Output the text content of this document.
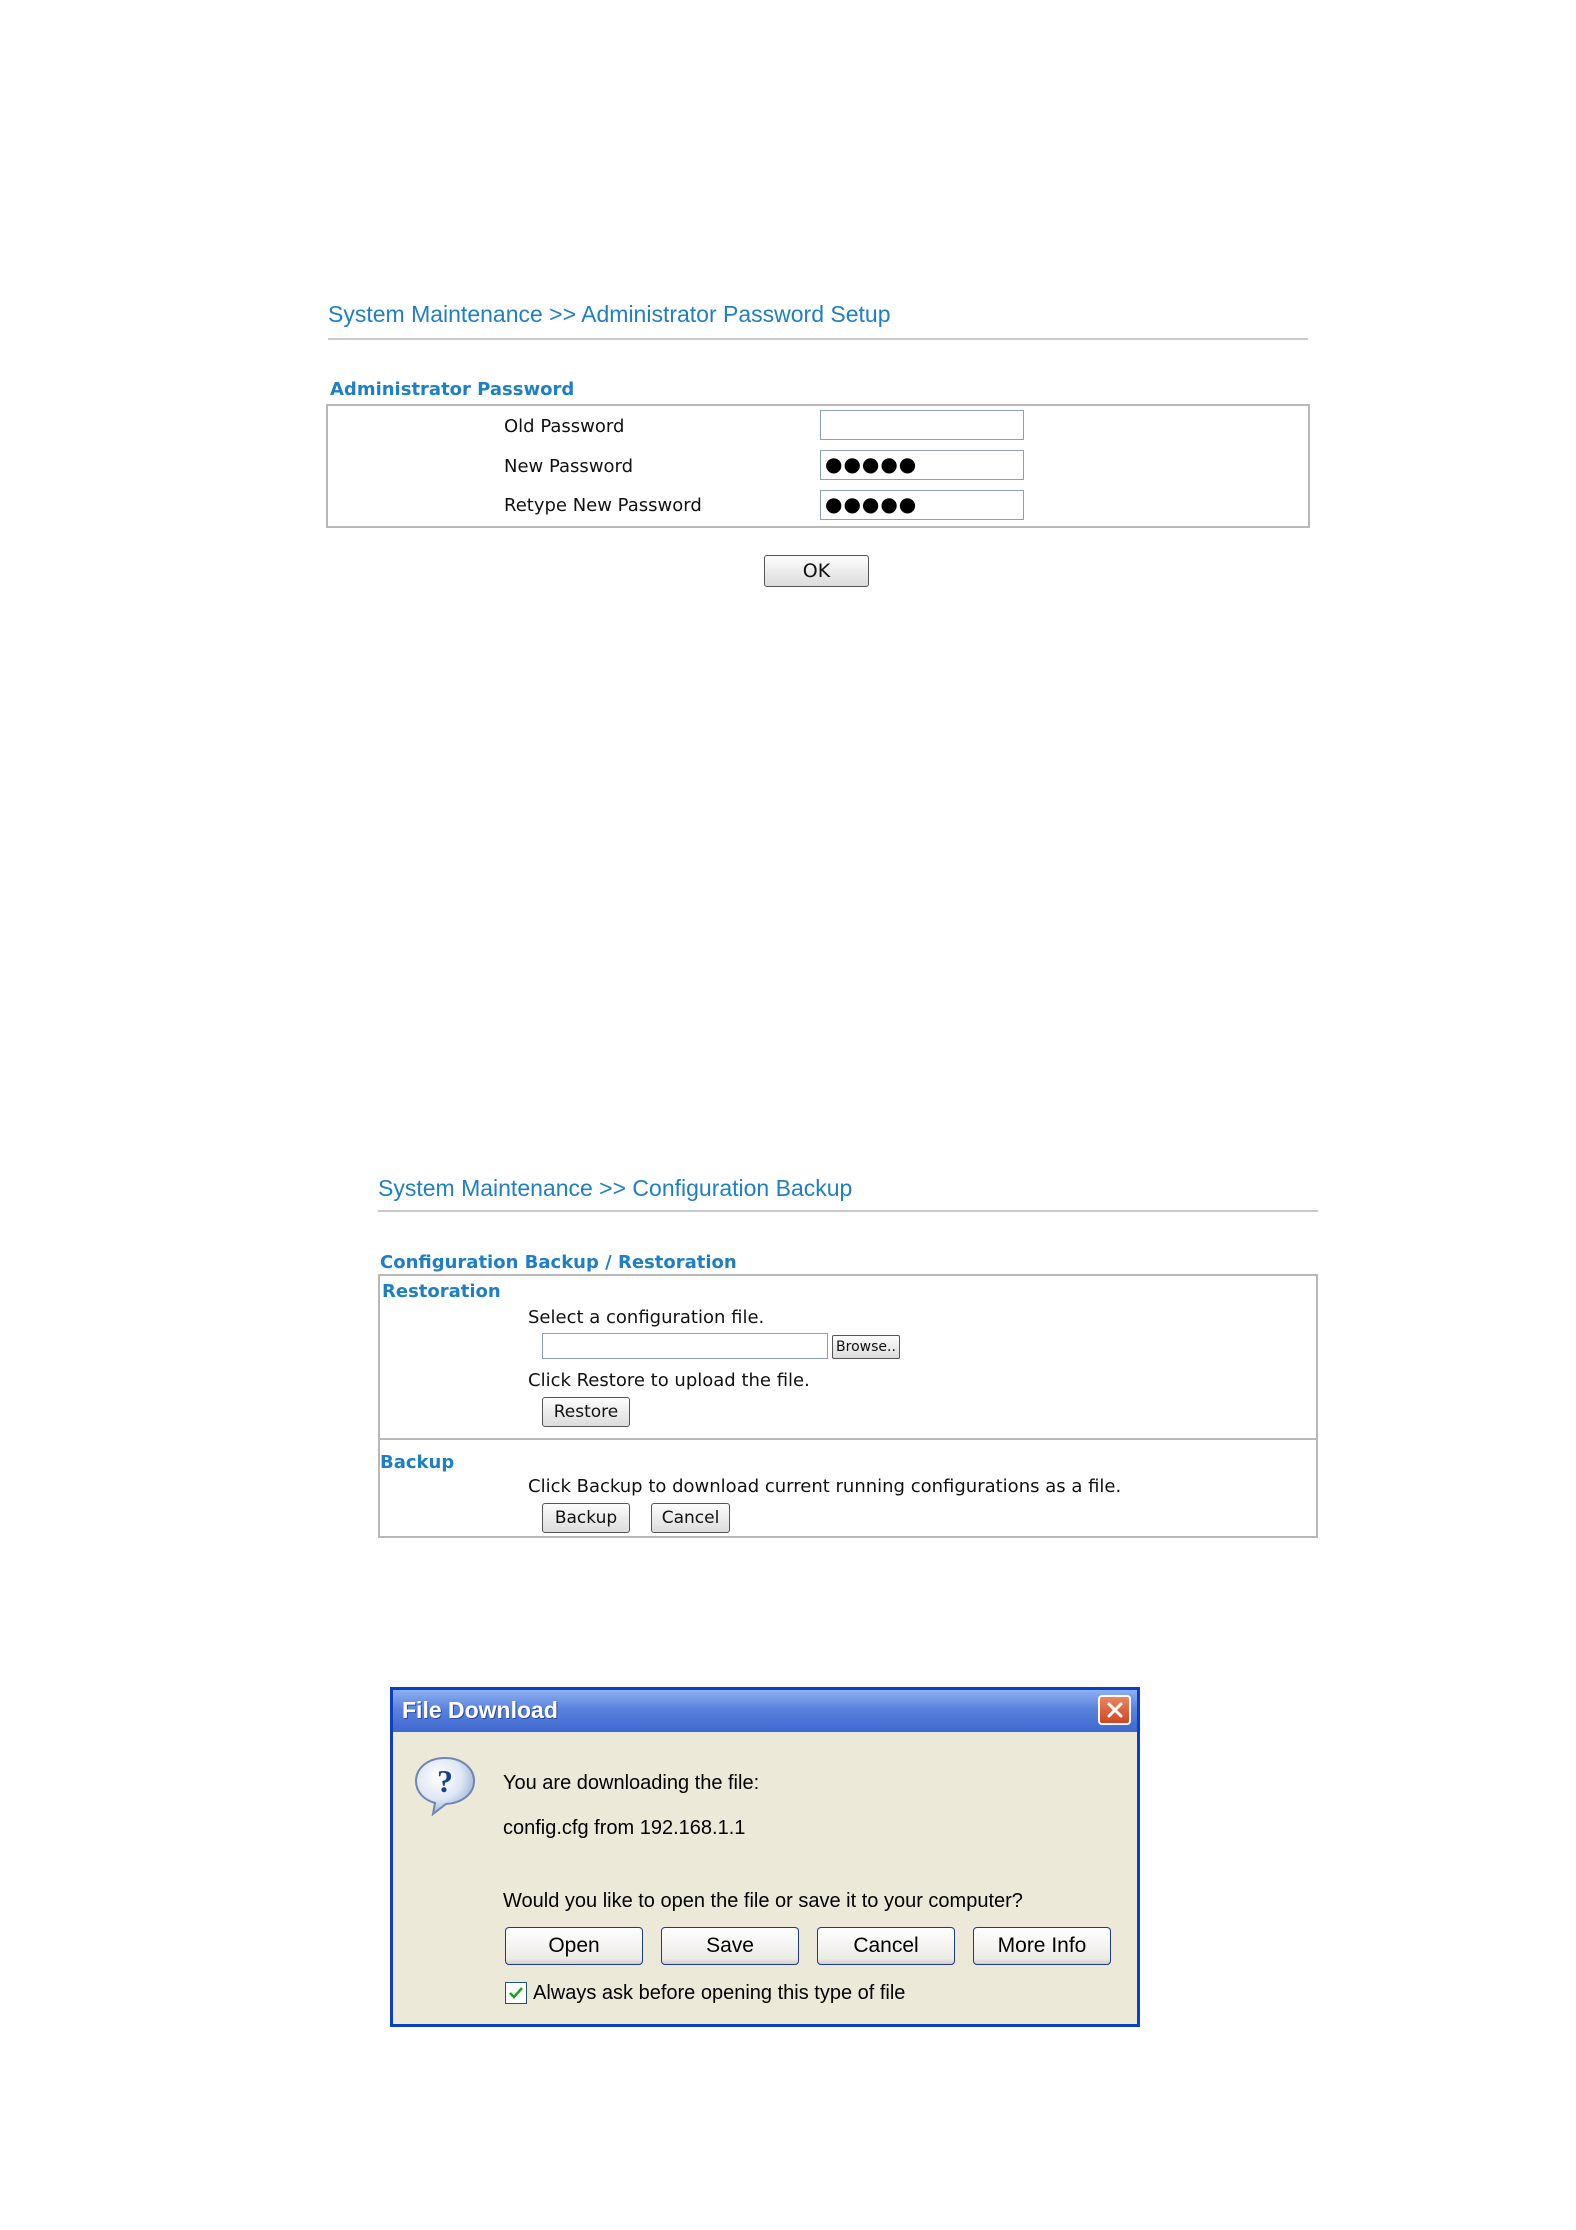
System Maintenance >> Administrator Password Setup
Administrator Password
Old Password
New Password	●●●●●
Retype New Password	●●●●●
OK
System Maintenance >> Configuration Backup
Configuration Backup / Restoration
Restoration
Select a configuration file.
Browse..
Click Restore to upload the file.
Restore
Backup
Click Backup to download current running configurations as a file.
Backup	Cancel
File Download
?	You are downloading the file:
config.cfg from 192.168.1.1
Would you like to open the file or save it to your computer?
Open	Save	Cancel	More Info
Always ask before opening this type of file
